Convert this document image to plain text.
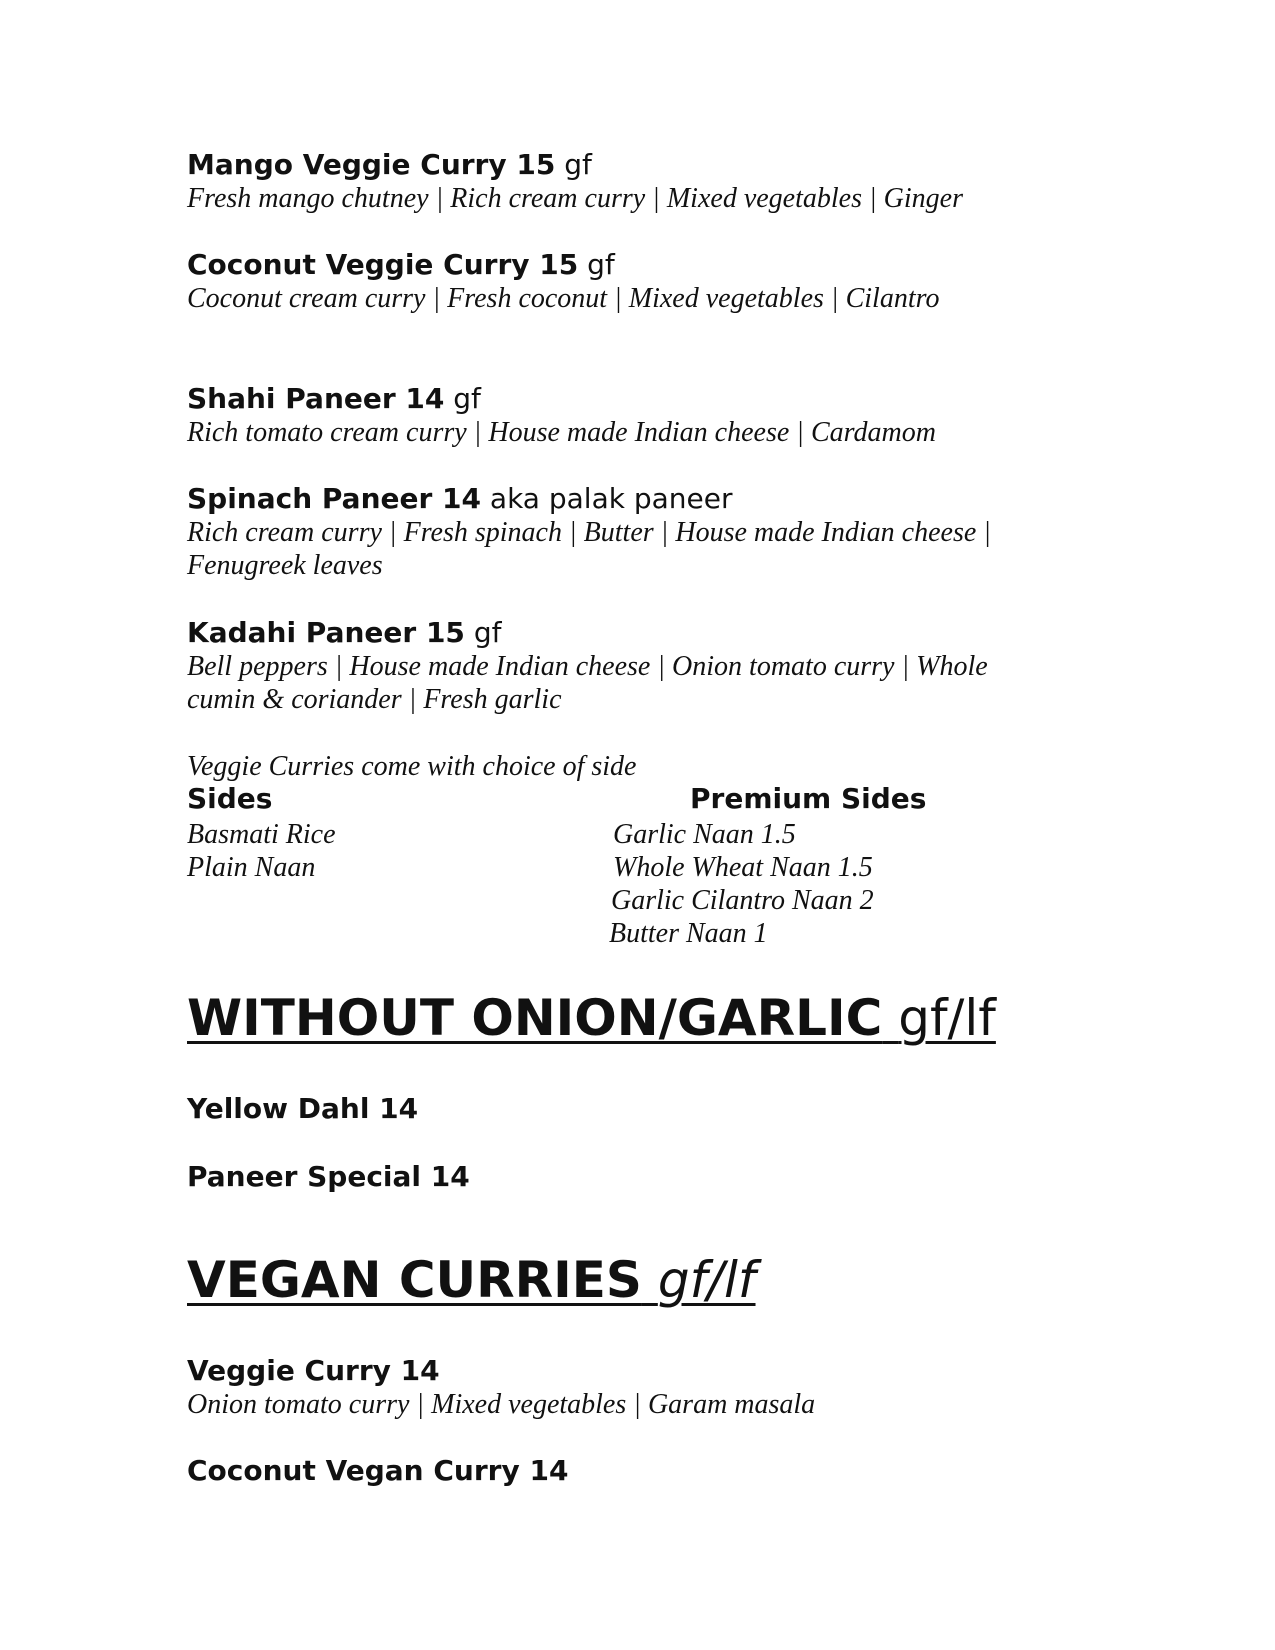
Mango Veggie Curry 15 gf
Fresh mango chutney | Rich cream curry | Mixed vegetables | Ginger
Coconut Veggie Curry 15 gf
Coconut cream curry | Fresh coconut | Mixed vegetables | Cilantro
Shahi Paneer 14 gf
Rich tomato cream curry | House made Indian cheese | Cardamom
Spinach Paneer 14 aka palak paneer
Rich cream curry | Fresh spinach | Butter | House made Indian cheese |
Fenugreek leaves
Kadahi Paneer 15 gf
Bell peppers | House made Indian cheese | Onion tomato curry | Whole
cumin & coriander | Fresh garlic
Veggie Curries come with choice of side
Sides	Premium Sides
Basmati Rice
Plain Naan
Garlic Naan 1.5
Whole Wheat Naan 1.5
Garlic Cilantro Naan 2
Butter Naan 1
WITHOUT ONION/GARLIC gf/lf
Yellow Dahl 14
Paneer Special 14
VEGAN CURRIES gf/lf
Veggie Curry 14
Onion tomato curry | Mixed vegetables | Garam masala
Coconut Vegan Curry 14
